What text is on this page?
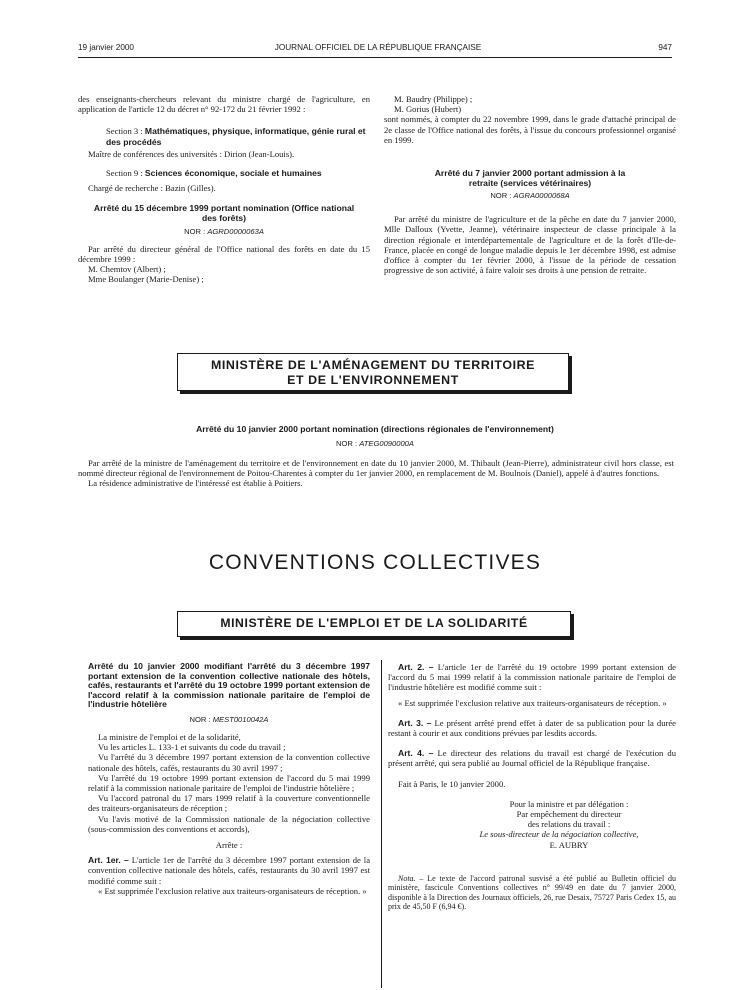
19 janvier 2000	JOURNAL OFFICIEL DE LA RÉPUBLIQUE FRANÇAISE	947

des enseignants-chercheurs relevant du ministre chargé de l'agriculture, en application de l'article 12 du décret n° 92-172 du 21 février 1992 :

Section 3 : Mathématiques, physique, informatique, génie rural et des procédés

Maître de conférences des universités : Dirion (Jean-Louis).

Section 9 : Sciences économique, sociale et humaines

Chargé de recherche : Bazin (Gilles).

Arrêté du 15 décembre 1999 portant nomination (Office national des forêts)
NOR : AGRD0000063A

Par arrêté du directeur général de l'Office national des forêts en date du 15 décembre 1999 :

M. Chemtov (Albert) ;

Mme Boulanger (Marie-Denise) ;

M. Baudry (Philippe) ;

M. Gorius (Hubert)

sont nommés, à compter du 22 novembre 1999, dans le grade d'attaché principal de 2e classe de l'Office national des forêts, à l'issue du concours professionnel organisé en 1999.

Arrêté du 7 janvier 2000 portant admission à la retraite (services vétérinaires)
NOR : AGRA0000068A

Par arrêté du ministre de l'agriculture et de la pêche en date du 7 janvier 2000, Mlle Dalloux (Yvette, Jeanne), vétérinaire inspecteur de classe principale à la direction régionale et interdépartementale de l'agriculture et de la forêt d'Ile-de-France, placée en congé de longue maladie depuis le 1er décembre 1998, est admise d'office à compter du 1er février 2000, à l'issue de la période de cessation progressive de son activité, à faire valoir ses droits à une pension de retraite.

MINISTÈRE DE L'AMÉNAGEMENT DU TERRITOIRE
ET DE L'ENVIRONNEMENT
Arrêté du 10 janvier 2000 portant nomination (directions régionales de l'environnement)
NOR : ATEG0090000A

Par arrêté de la ministre de l'aménagement du territoire et de l'environnement en date du 10 janvier 2000, M. Thibault (Jean-Pierre), administrateur civil hors classe, est nommé directeur régional de l'environnement de Poitou-Charentes à compter du 1er janvier 2000, en remplacement de M. Boulnois (Daniel), appelé à d'autres fonctions.

La résidence administrative de l'intéressé est établie à Poitiers.

CONVENTIONS COLLECTIVES
MINISTÈRE DE L'EMPLOI ET DE LA SOLIDARITÉ
Arrêté du 10 janvier 2000 modifiant l'arrêté du 3 décembre 1997 portant extension de la convention collective nationale des hôtels, cafés, restaurants et l'arrêté du 19 octobre 1999 portant extension de l'accord relatif à la commission nationale paritaire de l'emploi de l'industrie hôtelière
NOR : MESТ0010042A

La ministre de l'emploi et de la solidarité,

Vu les articles L. 133-1 et suivants du code du travail ;

Vu l'arrêté du 3 décembre 1997 portant extension de la convention collective nationale des hôtels, cafés, restaurants du 30 avril 1997 ;

Vu l'arrêté du 19 octobre 1999 portant extension de l'accord du 5 mai 1999 relatif à la commission nationale paritaire de l'emploi de l'industrie hôtelière ;

Vu l'accord patronal du 17 mars 1999 relatif à la couverture conventionnelle des traiteurs-organisateurs de réception ;

Vu l'avis motivé de la Commission nationale de la négociation collective (sous-commission des conventions et accords),

Arrête :

Art. 1er. – L'article 1er de l'arrêté du 3 décembre 1997 portant extension de la convention collective nationale des hôtels, cafés, restaurants du 30 avril 1997 est modifié comme suit :

« Est supprimée l'exclusion relative aux traiteurs-organisateurs de réception. »

Art. 2. – L'article 1er de l'arrêté du 19 octobre 1999 portant extension de l'accord du 5 mai 1999 relatif à la commission nationale paritaire de l'emploi de l'industrie hôtelière est modifié comme suit :

« Est supprimée l'exclusion relative aux traiteurs-organisateurs de réception. »

Art. 3. – Le présent arrêté prend effet à dater de sa publication pour la durée restant à courir et aux conditions prévues par lesdits accords.

Art. 4. – Le directeur des relations du travail est chargé de l'exécution du présent arrêté, qui sera publié au Journal officiel de la République française.

Fait à Paris, le 10 janvier 2000.

Pour la ministre et par délégation :
Par empêchement du directeur
des relations du travail :
Le sous-directeur de la négociation collective,
E. AUBRY

Nota. – Le texte de l'accord patronal susvisé a été publié au Bulletin officiel du ministère, fascicule Conventions collectives n° 99/49 en date du 7 janvier 2000, disponible à la Direction des Journaux officiels, 26, rue Desaix, 75727 Paris Cedex 15, au prix de 45,50 F (6,94 €).
